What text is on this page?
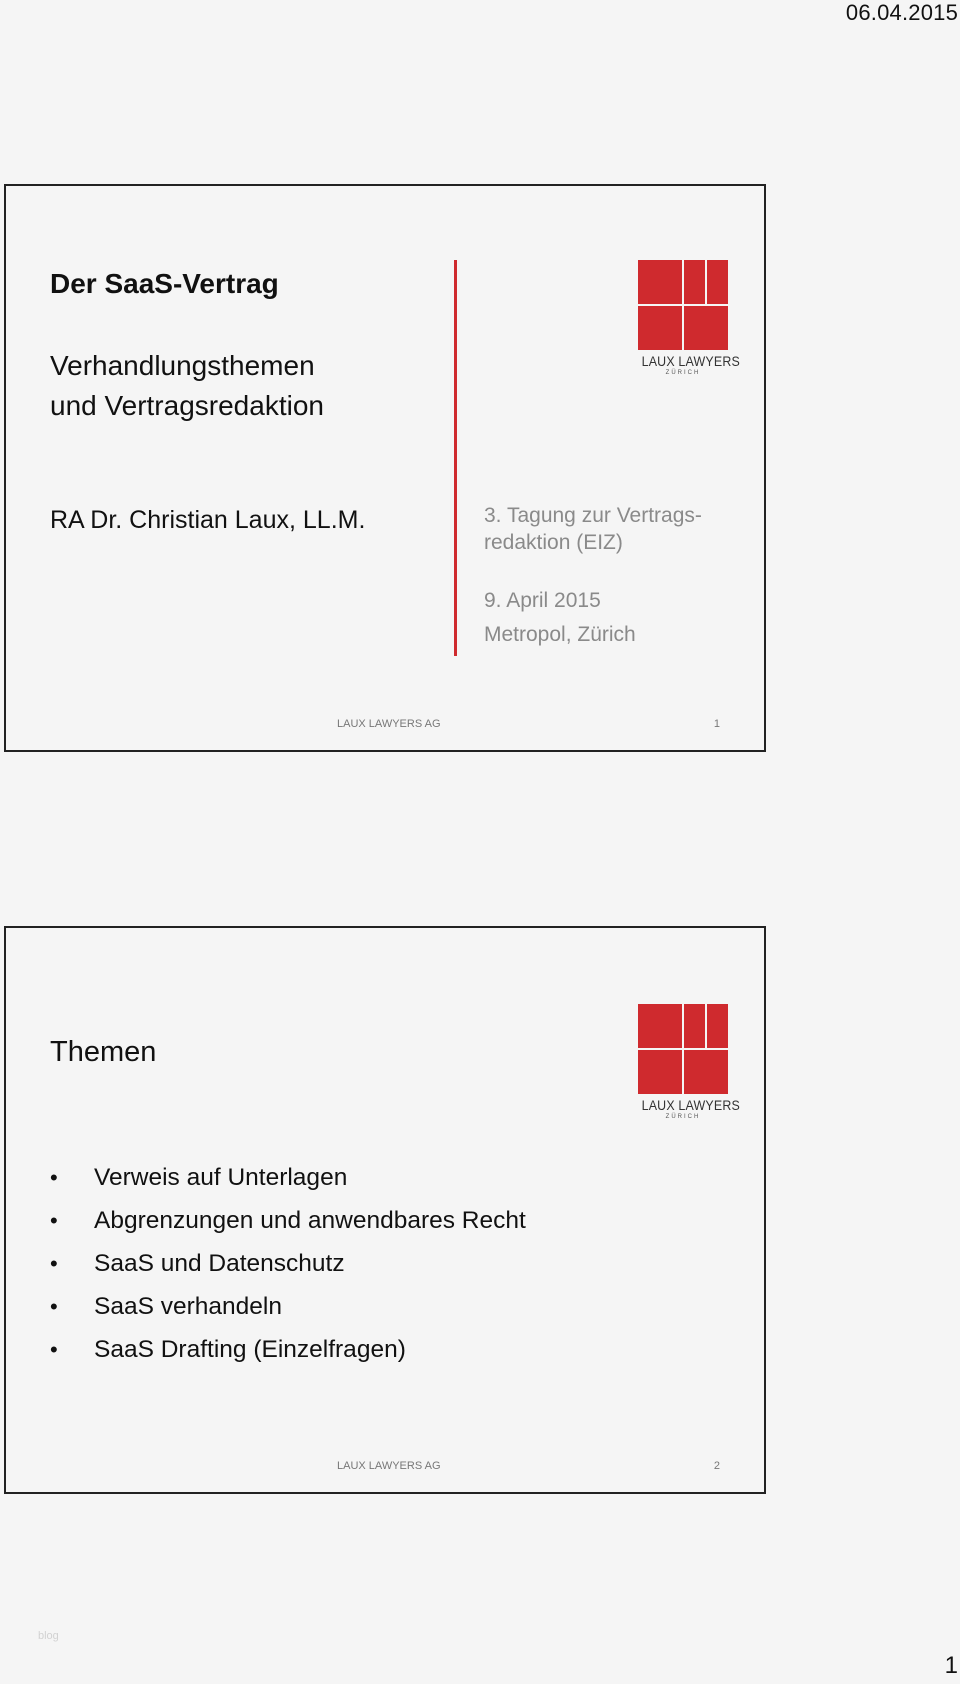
06.04.2015
Der SaaS-Vertrag
Verhandlungsthemen
und Vertragsredaktion
RA Dr. Christian Laux, LL.M.	3. Tagung zur Vertrags-
redaktion (EIZ)
9. April 2015
Metropol, Zürich
LAUX LAWYERS
ZÜRICH
LAUX LAWYERS AG	1
Themen
LAUX LAWYERS
ZÜRICH
• Verweis auf Unterlagen
• Abgrenzungen und anwendbares Recht
• SaaS und Datenschutz
• SaaS verhandeln
• SaaS Drafting (Einzelfragen)
LAUX LAWYERS AG	2
blog
1
